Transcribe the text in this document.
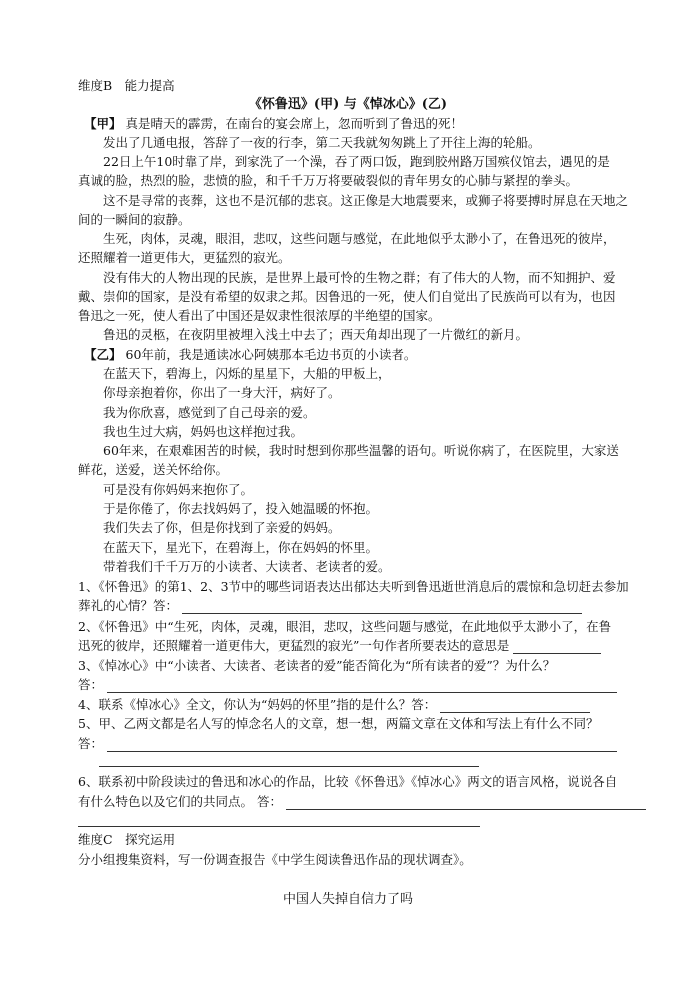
维度B　能力提高
《怀鲁迅》(甲) 与《悼冰心》(乙)
【甲】 真是晴天的霹雳，在南台的宴会席上，忽而听到了鲁迅的死！
发出了几通电报，答辞了一夜的行李，第二天我就匆匆跳上了开往上海的轮船。
22日上午10时靠了岸，到家洗了一个澡，吞了两口饭，跑到胶州路万国殡仪馆去，遇见的是
真诚的脸，热烈的脸，悲愤的脸，和千千万万将要破裂似的青年男女的心肺与紧捏的拳头。
这不是寻常的丧葬，这也不是沉郁的悲哀。这正像是大地震要来，或狮子将要搏时屏息在天地之
间的一瞬间的寂静。
生死，肉体，灵魂，眼泪，悲叹，这些问题与感觉，在此地似乎太渺小了，在鲁迅死的彼岸，
还照耀着一道更伟大，更猛烈的寂光。
没有伟大的人物出现的民族，是世界上最可怜的生物之群；有了伟大的人物，而不知拥护、爱
戴、崇仰的国家，是没有希望的奴隶之邦。因鲁迅的一死，使人们自觉出了民族尚可以有为，也因
鲁迅之一死，使人看出了中国还是奴隶性很浓厚的半绝望的国家。
鲁迅的灵柩，在夜阴里被埋入浅土中去了；西天角却出现了一片微红的新月。
【乙】 60年前，我是通读冰心阿姨那本毛边书页的小读者。
在蓝天下，碧海上，闪烁的星星下，大船的甲板上，
你母亲抱着你，你出了一身大汗，病好了。
我为你欣喜，感觉到了自己母亲的爱。
我也生过大病，妈妈也这样抱过我。
60年来，在艰难困苦的时候，我时时想到你那些温馨的语句。听说你病了，在医院里，大家送
鲜花，送爱，送关怀给你。
可是没有你妈妈来抱你了。
于是你倦了，你去找妈妈了，投入她温暖的怀抱。
我们失去了你，但是你找到了亲爱的妈妈。
在蓝天下，星光下，在碧海上，你在妈妈的怀里。
带着我们千千万万的小读者、大读者、老读者的爱。
1、《怀鲁迅》的第1、2、3节中的哪些词语表达出郁达夫听到鲁迅逝世消息后的震惊和急切赶去参加
葬礼的心情？答：
2、《怀鲁迅》中“生死，肉体，灵魂，眼泪，悲叹，这些问题与感觉，在此地似乎太渺小了，在鲁
迅死的彼岸，还照耀着一道更伟大，更猛烈的寂光”一句作者所要表达的意思是
3、《悼冰心》中“小读者、大读者、老读者的爱”能否简化为“所有读者的爱”？为什么？
答：
4、联系《悼冰心》全文，你认为“妈妈的怀里”指的是什么？答：
5、甲、乙两文都是名人写的悼念名人的文章，想一想，两篇文章在文体和写法上有什么不同？
答：
6、联系初中阶段读过的鲁迅和冰心的作品，比较《怀鲁迅》《悼冰心》两文的语言风格，说说各自
有什么特色以及它们的共同点。 答：
维度C　探究运用
分小组搜集资料，写一份调查报告《中学生阅读鲁迅作品的现状调查》。
中国人失掉自信力了吗
